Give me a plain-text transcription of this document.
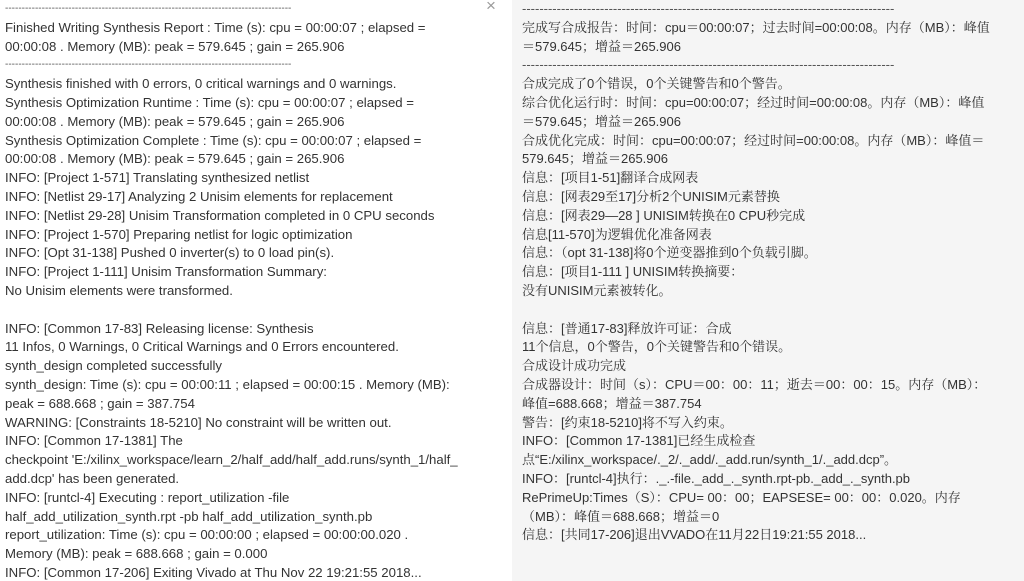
--------------------------------------------------------------------------------------
Finished Writing Synthesis Report : Time (s): cpu = 00:00:07 ; elapsed =
00:00:08 . Memory (MB): peak = 579.645 ; gain = 265.906
--------------------------------------------------------------------------------------
Synthesis finished with 0 errors, 0 critical warnings and 0 warnings.
Synthesis Optimization Runtime : Time (s): cpu = 00:00:07 ; elapsed =
00:00:08 . Memory (MB): peak = 579.645 ; gain = 265.906
Synthesis Optimization Complete : Time (s): cpu = 00:00:07 ; elapsed =
00:00:08 . Memory (MB): peak = 579.645 ; gain = 265.906
INFO: [Project 1-571] Translating synthesized netlist
INFO: [Netlist 29-17] Analyzing 2 Unisim elements for replacement
INFO: [Netlist 29-28] Unisim Transformation completed in 0 CPU seconds
INFO: [Project 1-570] Preparing netlist for logic optimization
INFO: [Opt 31-138] Pushed 0 inverter(s) to 0 load pin(s).
INFO: [Project 1-111] Unisim Transformation Summary:
No Unisim elements were transformed.
INFO: [Common 17-83] Releasing license: Synthesis
11 Infos, 0 Warnings, 0 Critical Warnings and 0 Errors encountered.
synth_design completed successfully
synth_design: Time (s): cpu = 00:00:11 ; elapsed = 00:00:15 . Memory (MB):
peak = 688.668 ; gain = 387.754
WARNING: [Constraints 18-5210] No constraint will be written out.
INFO: [Common 17-1381] The
checkpoint 'E:/xilinx_workspace/learn_2/half_add/half_add.runs/synth_1/half_
add.dcp' has been generated.
INFO: [runtcl-4] Executing : report_utilization -file
half_add_utilization_synth.rpt -pb half_add_utilization_synth.pb
report_utilization: Time (s): cpu = 00:00:00 ; elapsed = 00:00:00.020 .
Memory (MB): peak = 688.668 ; gain = 0.000
INFO: [Common 17-206] Exiting Vivado at Thu Nov 22 19:21:55 2018...
× --------------------------------------------------------------------------------------
完成写合成报告：时间：cpu＝00:00:07；过去时间=00:00:08。内存（MB）：峰值
＝579.645；增益＝265.906
--------------------------------------------------------------------------------------
合成完成了0个错误，0个关键警告和0个警告。
综合优化运行时：时间：cpu=00:00:07；经过时间=00:00:08。内存（MB）：峰值
＝579.645；增益＝265.906
合成优化完成：时间：cpu=00:00:07；经过时间=00:00:08。内存（MB）：峰值＝
579.645；增益＝265.906
信息：[项目1-51]翻译合成网表
信息：[网表29至17]分析2个UNISIM元素替换
信息：[网表29—28 ] UNISIM转换在0 CPU秒完成
信息[11-570]为逻辑优化准备网表
信息：（opt 31-138]将0个逆变器推到0个负载引脚。
信息：[项目1-111 ] UNISIM转换摘要：
没有UNISIM元素被转化。
信息：[普通17-83]释放许可证：合成
11个信息，0个警告，0个关键警告和0个错误。
合成设计成功完成
合成器设计：时间（s）：CPU＝00：00：11；逝去＝00：00：15。内存（MB）：
峰值=688.668；增益＝387.754
警告：[约束18-5210]将不写入约束。
INFO：[Common 17-1381]已经生成检查
点“E:/xilinx_workspace/._2/._add/._add.run/synth_1/._add.dcp”。
INFO：[runtcl-4]执行：._.-file._add_._synth.rpt-pb._add_._synth.pb
RePrimeUp:Times（S）：CPU= 00：00；EAPSESE= 00：00：0.020。内存
（MB）：峰值＝688.668；增益＝0
信息：[共同17-206]退出VVADO在11月22日19:21:55 2018...
